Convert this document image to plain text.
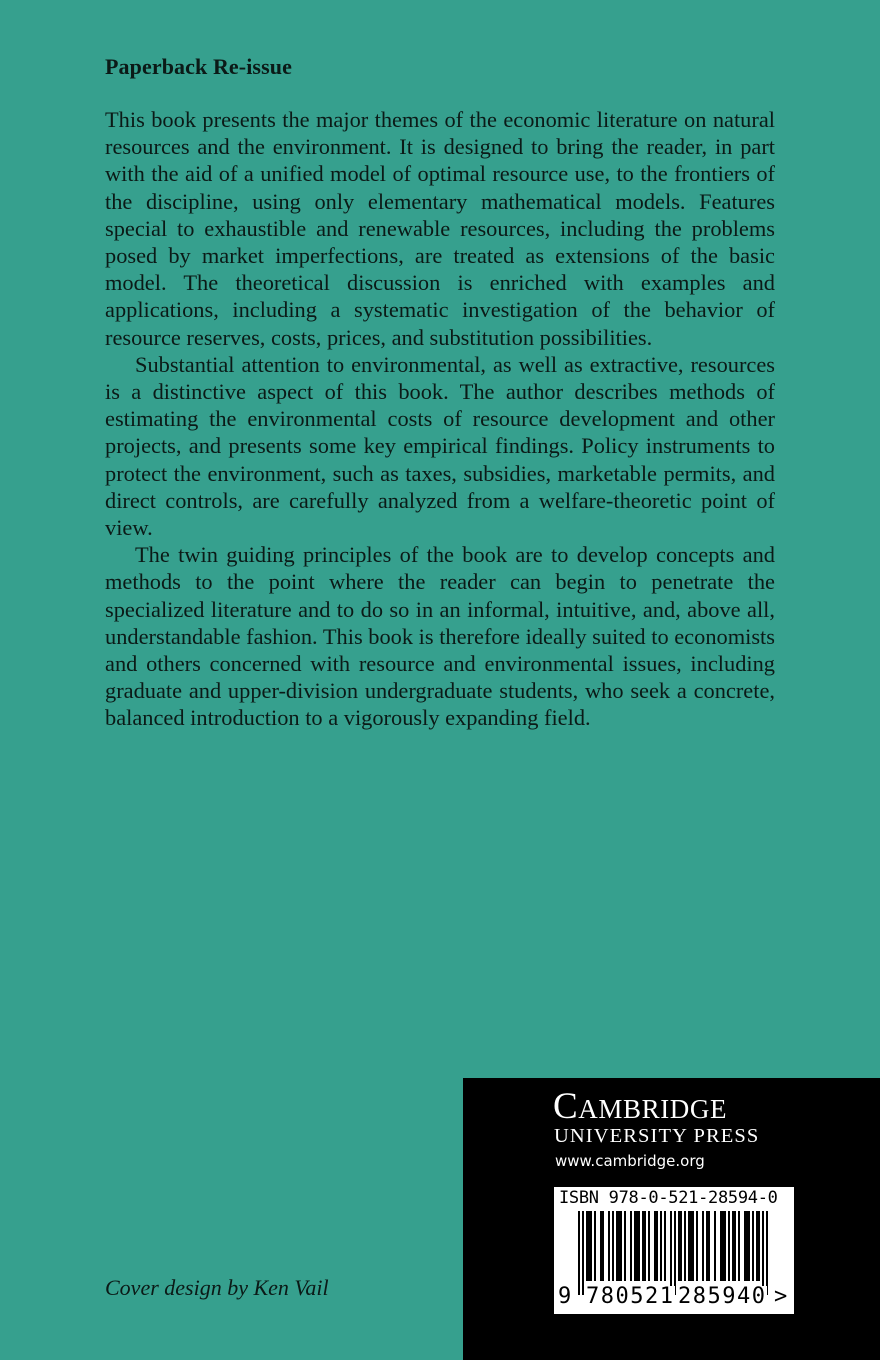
Paperback Re-issue

This book presents the major themes of the economic literature on natural resources and the environment. It is designed to bring the reader, in part with the aid of a unified model of optimal resource use, to the frontiers of the discipline, using only elementary mathematical models. Features special to exhaustible and renewable resources, including the problems posed by market imperfections, are treated as extensions of the basic model. The theoretical discussion is enriched with examples and applications, including a systematic investigation of the behavior of resource reserves, costs, prices, and substitution possibilities.

Substantial attention to environmental, as well as extractive, resources is a distinctive aspect of this book. The author describes methods of estimating the environmental costs of resource development and other projects, and presents some key empirical findings. Policy instruments to protect the environment, such as taxes, subsidies, marketable permits, and direct controls, are carefully analyzed from a welfare-theoretic point of view.

The twin guiding principles of the book are to develop concepts and methods to the point where the reader can begin to penetrate the specialized literature and to do so in an informal, intuitive, and, above all, understandable fashion. This book is therefore ideally suited to economists and others concerned with resource and environmental issues, including graduate and upper-division undergraduate students, who seek a concrete, balanced introduction to a vigorously expanding field.

Cover design by Ken Vail

CAMBRIDGE
UNIVERSITY PRESS
www.cambridge.org
ISBN 978-0-521-28594-0
9 780521 285940 >
